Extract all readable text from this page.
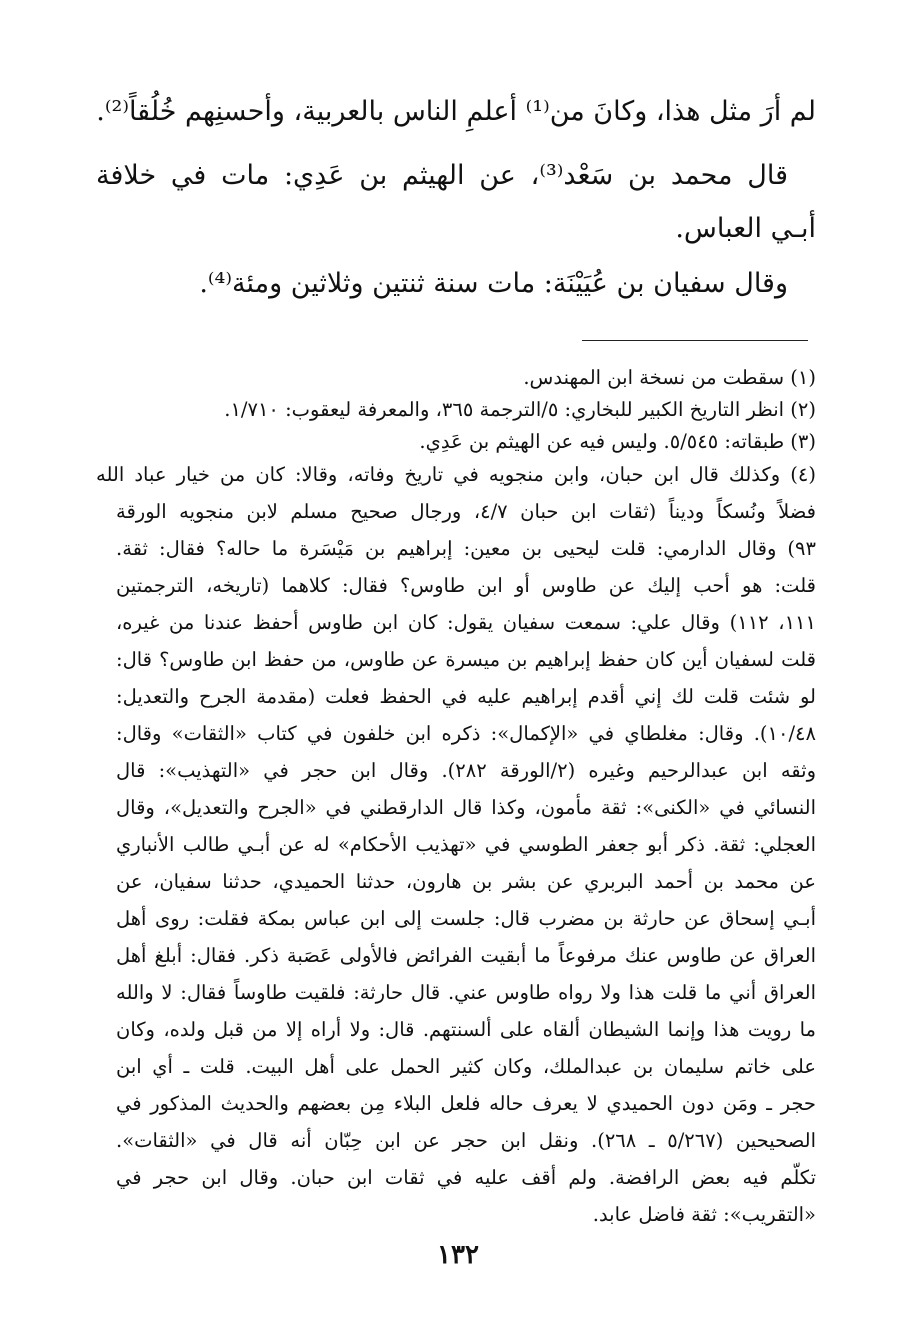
لم أرَ مثل هذا، وكانَ من⁽¹⁾ أعلمِ الناس بالعربية، وأحسنِهم خُلُقاً⁽²⁾.
قال محمد بن سَعْد⁽³⁾، عن الهيثم بن عَدِي: مات في خلافة
أبـي العباس.
وقال سفيان بن عُيَيْنَة: مات سنة ثنتين وثلاثين ومئة⁽⁴⁾.
(١) سقطت من نسخة ابن المهندس.
(٢) انظر التاريخ الكبير للبخاري: ٥/الترجمة ٣٦٥، والمعرفة ليعقوب: ١/٧١٠.
(٣) طبقاته: ٥/٥٤٥. وليس فيه عن الهيثم بن عَدِي.
(٤) وكذلك قال ابن حبان، وابن منجويه في تاريخ وفاته، وقالا: كان من خيار عباد الله
فضلاً ونُسكاً وديناً (ثقات ابن حبان ٤/٧، ورجال صحيح مسلم لابن منجويه الورقة
٩٣) وقال الدارمي: قلت ليحيى بن معين: إبراهيم بن مَيْسَرة ما حاله؟ فقال: ثقة.
قلت: هو أحب إليك عن طاوس أو ابن طاوس؟ فقال: كلاهما (تاريخه، الترجمتين
١١١، ١١٢) وقال علي: سمعت سفيان يقول: كان ابن طاوس أحفظ عندنا من غيره،
قلت لسفيان أين كان حفظ إبراهيم بن ميسرة عن طاوس، من حفظ ابن طاوس؟ قال:
لو شئت قلت لك إني أقدم إبراهيم عليه في الحفظ فعلت (مقدمة الجرح والتعديل:
١٠/٤٨). وقال: مغلطاي في «الإكمال»: ذكره ابن خلفون في كتاب «الثقات» وقال:
وثقه ابن عبدالرحيم وغيره (٢/الورقة ٢٨٢). وقال ابن حجر في «التهذيب»: قال
النسائي في «الكنى»: ثقة مأمون، وكذا قال الدارقطني في «الجرح والتعديل»، وقال
العجلي: ثقة. ذكر أبو جعفر الطوسي في «تهذيب الأحكام» له عن أبـي طالب الأنباري
عن محمد بن أحمد البربري عن بشر بن هارون، حدثنا الحميدي، حدثنا سفيان، عن
أبـي إسحاق عن حارثة بن مضرب قال: جلست إلى ابن عباس بمكة فقلت: روى أهل
العراق عن طاوس عنك مرفوعاً ما أبقيت الفرائض فالأولى عَصَبة ذكر. فقال: أبلغ أهل
العراق أني ما قلت هذا ولا رواه طاوس عني. قال حارثة: فلقيت طاوساً فقال: لا والله
ما رويت هذا وإنما الشيطان ألقاه على ألسنتهم. قال: ولا أراه إلا من قبل ولده، وكان
على خاتم سليمان بن عبدالملك، وكان كثير الحمل على أهل البيت. قلت ـ أي ابن
حجر ـ ومَن دون الحميدي لا يعرف حاله فلعل البلاء مِن بعضهم والحديث المذكور في
الصحيحين (٥/٢٦٧ ـ ٢٦٨). ونقل ابن حجر عن ابن حِبّان أنه قال في «الثقات».
تكلّم فيه بعض الرافضة. ولم أقف عليه في ثقات ابن حبان. وقال ابن حجر في
«التقريب»: ثقة فاضل عابد.
١٣٢
